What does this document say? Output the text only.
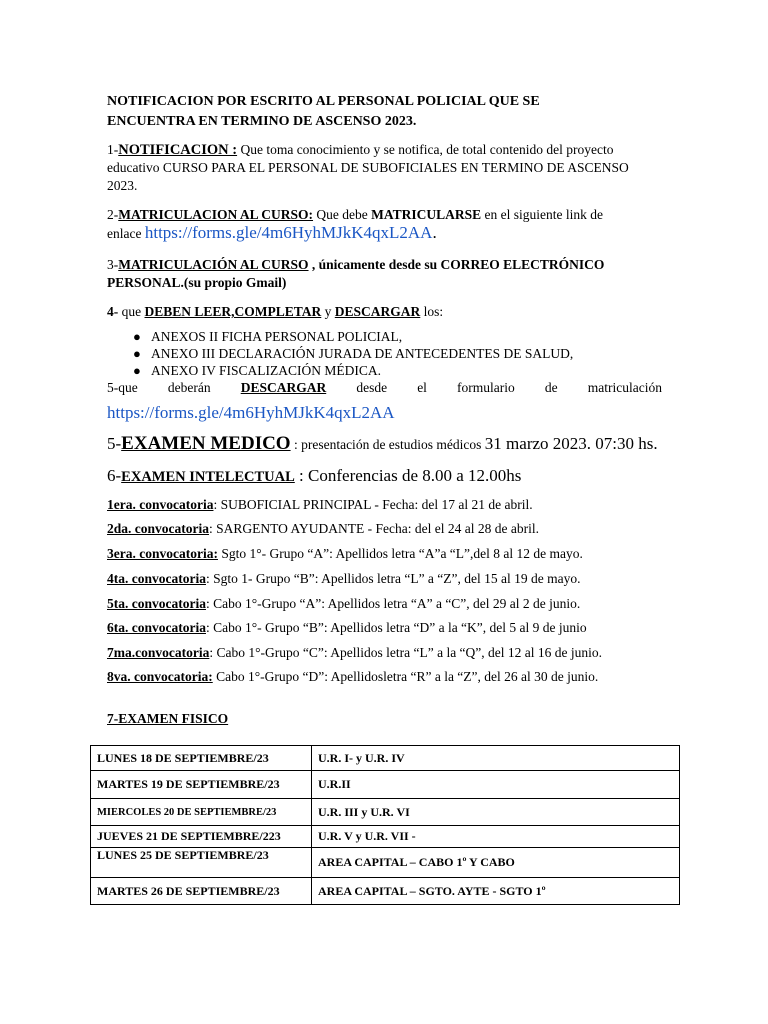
NOTIFICACION POR ESCRITO AL PERSONAL POLICIAL QUE SE
ENCUENTRA EN TERMINO DE ASCENSO 2023.
1-NOTIFICACION : Que toma conocimiento y se notifica, de total contenido del proyecto
educativo CURSO PARA EL PERSONAL DE SUBOFICIALES EN TERMINO DE ASCENSO
2023.
2-MATRICULACION AL CURSO: Que debe MATRICULARSE en el siguiente link de
enlace https://forms.gle/4m6HyhMJkK4qxL2AA.
3-MATRICULACIÓN AL CURSO , únicamente desde su CORREO ELECTRÓNICO
PERSONAL.(su propio Gmail)
4- que DEBEN LEER,COMPLETAR y DESCARGAR los:
● ANEXOS II FICHA PERSONAL POLICIAL,
● ANEXO III DECLARACIÓN JURADA DE ANTECEDENTES DE SALUD,
● ANEXO IV FISCALIZACIÓN MÉDICA.
5-que deberán DESCARGAR desde el formulario de matriculación
https://forms.gle/4m6HyhMJkK4qxL2AA
5-EXAMEN MEDICO : presentación de estudios médicos 31 marzo 2023. 07:30 hs.
6-EXAMEN INTELECTUAL : Conferencias de 8.00 a 12.00hs
1era. convocatoria: SUBOFICIAL PRINCIPAL - Fecha: del 17 al 21 de abril.
2da. convocatoria: SARGENTO AYUDANTE - Fecha: del el 24 al 28 de abril.
3era. convocatoria: Sgto 1°- Grupo “A”: Apellidos letra “A”a “L”,del 8 al 12 de mayo.
4ta. convocatoria: Sgto 1- Grupo “B”: Apellidos letra “L” a “Z”, del 15 al 19 de mayo.
5ta. convocatoria: Cabo 1°-Grupo “A”: Apellidos letra “A” a “C”, del 29 al 2 de junio.
6ta. convocatoria: Cabo 1°- Grupo “B”: Apellidos letra “D” a la “K”, del 5 al 9 de junio
7ma.convocatoria: Cabo 1°-Grupo “C”: Apellidos letra “L” a la “Q”, del 12 al 16 de junio.
8va. convocatoria: Cabo 1°-Grupo “D”: Apellidosletra “R” a la “Z”, del 26 al 30 de junio.
7-EXAMEN FISICO
LUNES 18 DE SEPTIEMBRE/23	U.R. I- y U.R. IV
MARTES 19 DE SEPTIEMBRE/23	U.R.II
MIERCOLES 20 DE SEPTIEMBRE/23	U.R. III y U.R. VI
JUEVES 21 DE SEPTIEMBRE/223	U.R. V y U.R. VII -
LUNES 25 DE SEPTIEMBRE/23	AREA CAPITAL – CABO 1º Y CABO
MARTES 26 DE SEPTIEMBRE/23	AREA CAPITAL – SGTO. AYTE - SGTO 1º
